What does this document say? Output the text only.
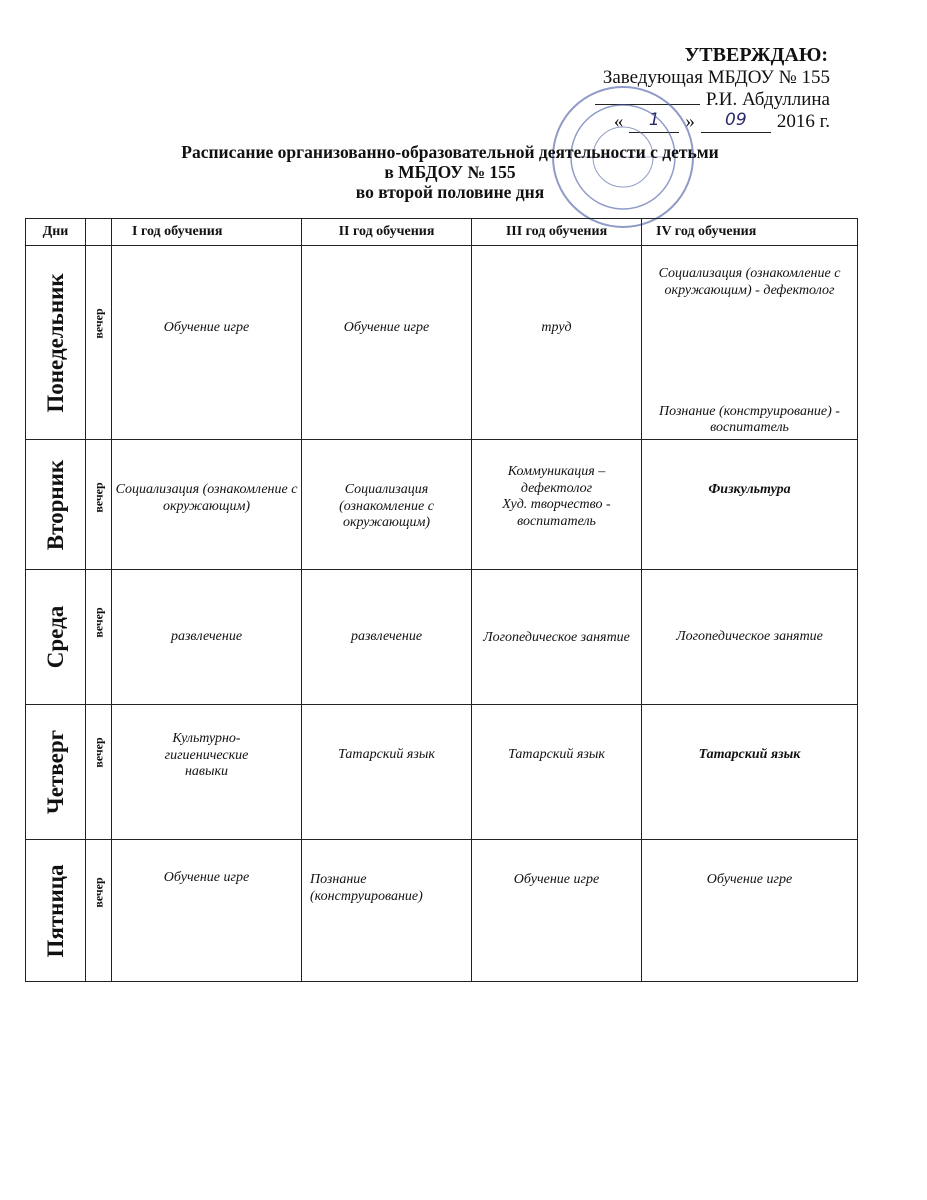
УТВЕРЖДАЮ:
Заведующая МБДОУ № 155
Р.И. Абдуллина
«	1	»	09	2016 г.
Расписание организованно-образовательной деятельности с детьми
в МБДОУ № 155
во второй половине дня
Дни		I год обучения	II год обучения	III год обучения	IV год обучения

Понедельник	вечер	Обучение игре	Обучение игре	труд	Социализация (ознакомление с окружающим) - дефектолог
Познание (конструирование) - воспитатель

Вторник	вечер	Социализация (ознакомление с окружающим)	Социализация (ознакомление с окружающим)	Коммуникация – дефектолог
Худ. творчество - воспитатель	Физкультура

Среда	вечер	развлечение	развлечение	Логопедическое занятие	Логопедическое занятие

Четверг	вечер	Культурно-гигиенические навыки	Татарский язык	Татарский язык	Татарский язык

Пятница	вечер	Обучение игре	Познание (конструирование)	Обучение игре	Обучение игре
